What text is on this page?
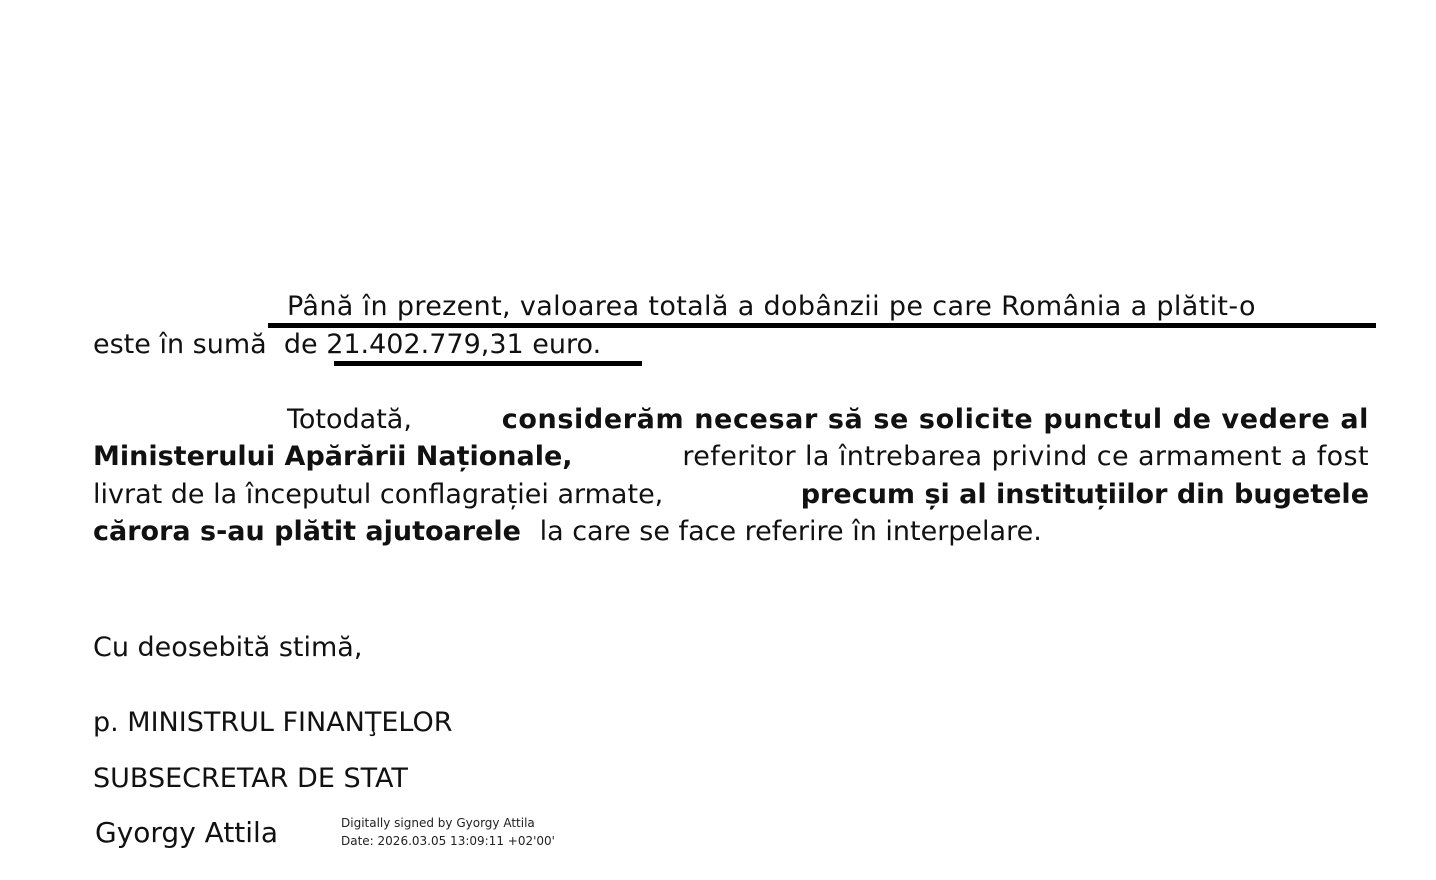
Până în prezent, valoarea totală a dobânzii pe care România a plătit-o
este în sumă  de 21.402.779,31 euro.
Totodată,	considerăm necesar să se solicite punctul de vedere al
Ministerului Apărării Naționale,	referitor la întrebarea privind ce armament a fost
livrat de la începutul conflagrației armate,	precum și al instituțiilor din bugetele
cărora s-au plătit ajutoarele la care se face referire în interpelare.
Cu deosebită stimă,
p. MINISTRUL FINANŢELOR
SUBSECRETAR DE STAT
Gyorgy Attila	Digitally signed by Gyorgy Attila
Date: 2026.03.05 13:09:11 +02'00'
